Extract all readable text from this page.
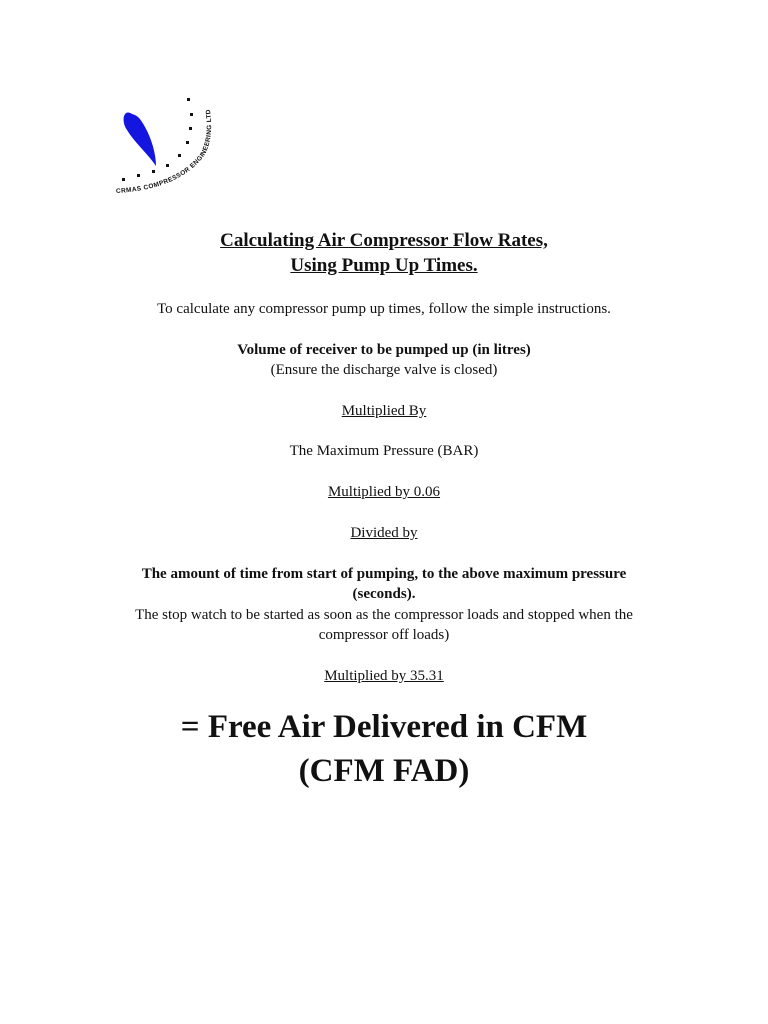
CRMAS COMPRESSOR ENGINEERING LTD
Calculating Air Compressor Flow Rates,
Using Pump Up Times.
To calculate any compressor pump up times, follow the simple instructions.
Volume of receiver to be pumped up (in litres)
(Ensure the discharge valve is closed)
Multiplied By
The Maximum Pressure (BAR)
Multiplied by 0.06
Divided by
The amount of time from start of pumping, to the above maximum pressure (seconds).
The stop watch to be started as soon as the compressor loads and stopped when the compressor off loads)
Multiplied by 35.31
= Free Air Delivered in CFM
(CFM FAD)
